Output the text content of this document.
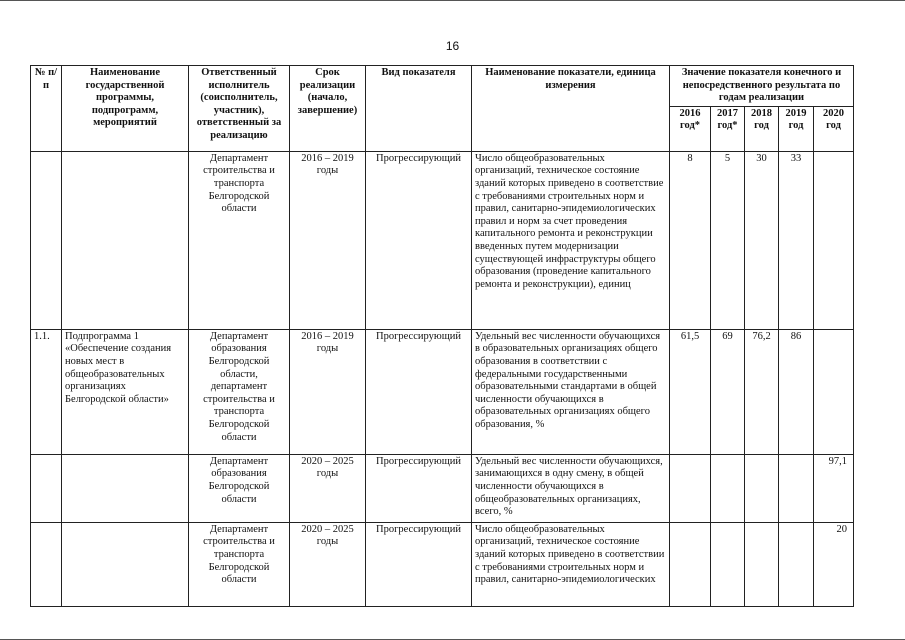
16
№ п/п	Наименование государственной программы, подпрограмм, мероприятий	Ответственный исполнитель (соисполнитель, участник), ответственный за реализацию	Срок реализации (начало, завершение)	Вид показателя	Наименование показатели, единица измерения	Значение показателя конечного и непосредственного результата по годам реализации				
						2016 год*	2017 год*	2018 год	2019 год	2020 год
		Департамент строительства и транспорта Белгородской области	2016 – 2019 годы	Прогрессирующий	Число общеобразовательных организаций, техническое состояние зданий которых приведено в соответствие с требованиями строительных норм и правил, санитарно-эпидемиологических правил и норм за счет проведения капитального ремонта и реконструкции введенных путем модернизации существующей инфраструктуры общего образования (проведение капитального ремонта и реконструкции), единиц	8	5	30	33	
1.1.	Подпрограмма 1 «Обеспечение создания новых мест в общеобразовательных организациях Белгородской области»	Департамент образования Белгородской области, департамент строительства и транспорта Белгородской области	2016 – 2019 годы	Прогрессирующий	Удельный вес численности обучающихся в образовательных организациях общего образования в соответствии с федеральными государственными образовательными стандартами в общей численности обучающихся в образовательных организациях общего образования, %	61,5	69	76,2	86	
		Департамент образования Белгородской области	2020 – 2025 годы	Прогрессирующий	Удельный вес численности обучающихся, занимающихся в одну смену, в общей численности обучающихся в общеобразовательных организациях, всего, %					97,1
		Департамент строительства и транспорта Белгородской области	2020 – 2025 годы	Прогрессирующий	Число общеобразовательных организаций, техническое состояние зданий которых приведено в соответствии с требованиями строительных норм и правил, санитарно-эпидемиологических					20
